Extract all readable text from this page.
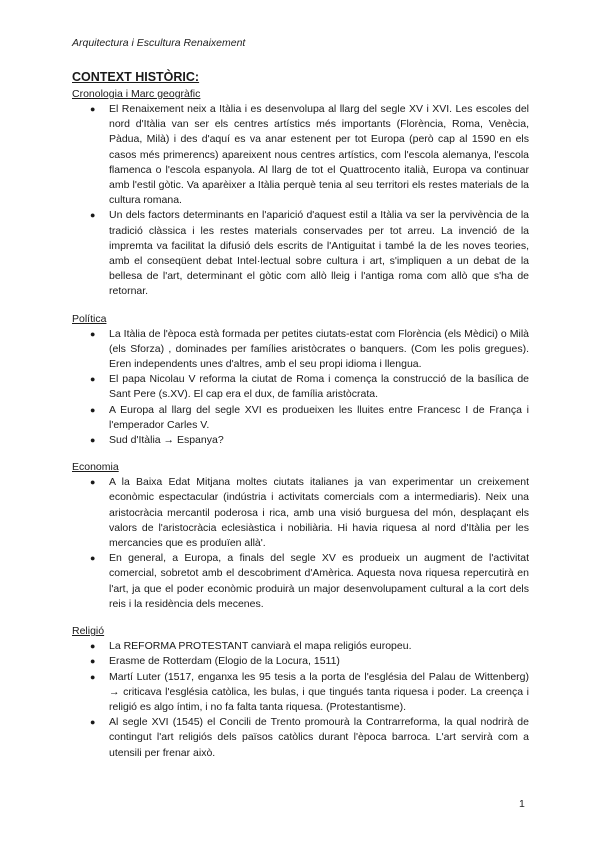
Arquitectura i Escultura Renaixement
CONTEXT HISTÒRIC:
Cronologia i Marc geogràfic
● El Renaixement neix a Itàlia i es desenvolupa al llarg del segle XV i XVI. Les escoles del nord d'Itàlia van ser els centres artístics més importants (Florència, Roma, Venècia, Pàdua, Milà) i des d'aquí es va anar estenent per tot Europa (però cap al 1590 en els casos més primerencs) apareixent nous centres artístics, com l'escola alemanya, l'escola flamenca o l'escola espanyola. Al llarg de tot el Quattrocento italià, Europa va continuar amb l'estil gòtic. Va aparèixer a Itàlia perquè tenia al seu territori els restes materials de la cultura romana.
● Un dels factors determinants en l'aparició d'aquest estil a Itàlia va ser la pervivència de la tradició clàssica i les restes materials conservades per tot arreu. La invenció de la impremta va facilitat la difusió dels escrits de l'Antiguitat i també la de les noves teories, amb el conseqüent debat Intel·lectual sobre cultura i art, s'impliquen a un debat de la bellesa de l'art, determinant el gòtic com allò lleig i l'antiga roma com allò que s'ha de retornar.
Política
● La Itàlia de l'època està formada per petites ciutats-estat com Florència (els Mèdici) o Milà (els Sforza) , dominades per famílies aristòcrates o banquers. (Com les polis gregues). Eren independents unes d'altres, amb el seu propi idioma i llengua.
● El papa Nicolau V reforma la ciutat de Roma i comença la construcció de la basílica de Sant Pere (s.XV). El cap era el dux, de família aristòcrata.
● A Europa al llarg del segle XVI es produeixen les lluites entre Francesc I de França i l'emperador Carles V.
● Sud d'Itàlia → Espanya?
Economia
● A la Baixa Edat Mitjana moltes ciutats italianes ja van experimentar un creixement econòmic espectacular (indústria i activitats comercials com a intermediaris). Neix una aristocràcia mercantil poderosa i rica, amb una visió burguesa del món, desplaçant els valors de l'aristocràcia eclesiàstica i nobiliària. Hi havia riquesa al nord d'Itàlia per les mercancies que es produïen allà'.
● En general, a Europa, a finals del segle XV es produeix un augment de l'activitat comercial, sobretot amb el descobriment d'Amèrica. Aquesta nova riquesa repercutirà en l'art, ja que el poder econòmic produirà un major desenvolupament cultural a la cort dels reis i la residència dels mecenes.
Religió
● La REFORMA PROTESTANT canviarà el mapa religiós europeu.
● Erasme de Rotterdam (Elogio de la Locura, 1511)
● Martí Luter (1517, enganxa les 95 tesis a la porta de l'església del Palau de Wittenberg) → criticava l'església catòlica, les bulas, i que tingués tanta riquesa i poder. La creença i religió es algo íntim, i no fa falta tanta riquesa. (Protestantisme).
● Al segle XVI (1545) el Concili de Trento promourà la Contrarreforma, la qual nodrirà de contingut l'art religiós dels països catòlics durant l'època barroca. L'art servirà com a utensili per frenar això.
1
